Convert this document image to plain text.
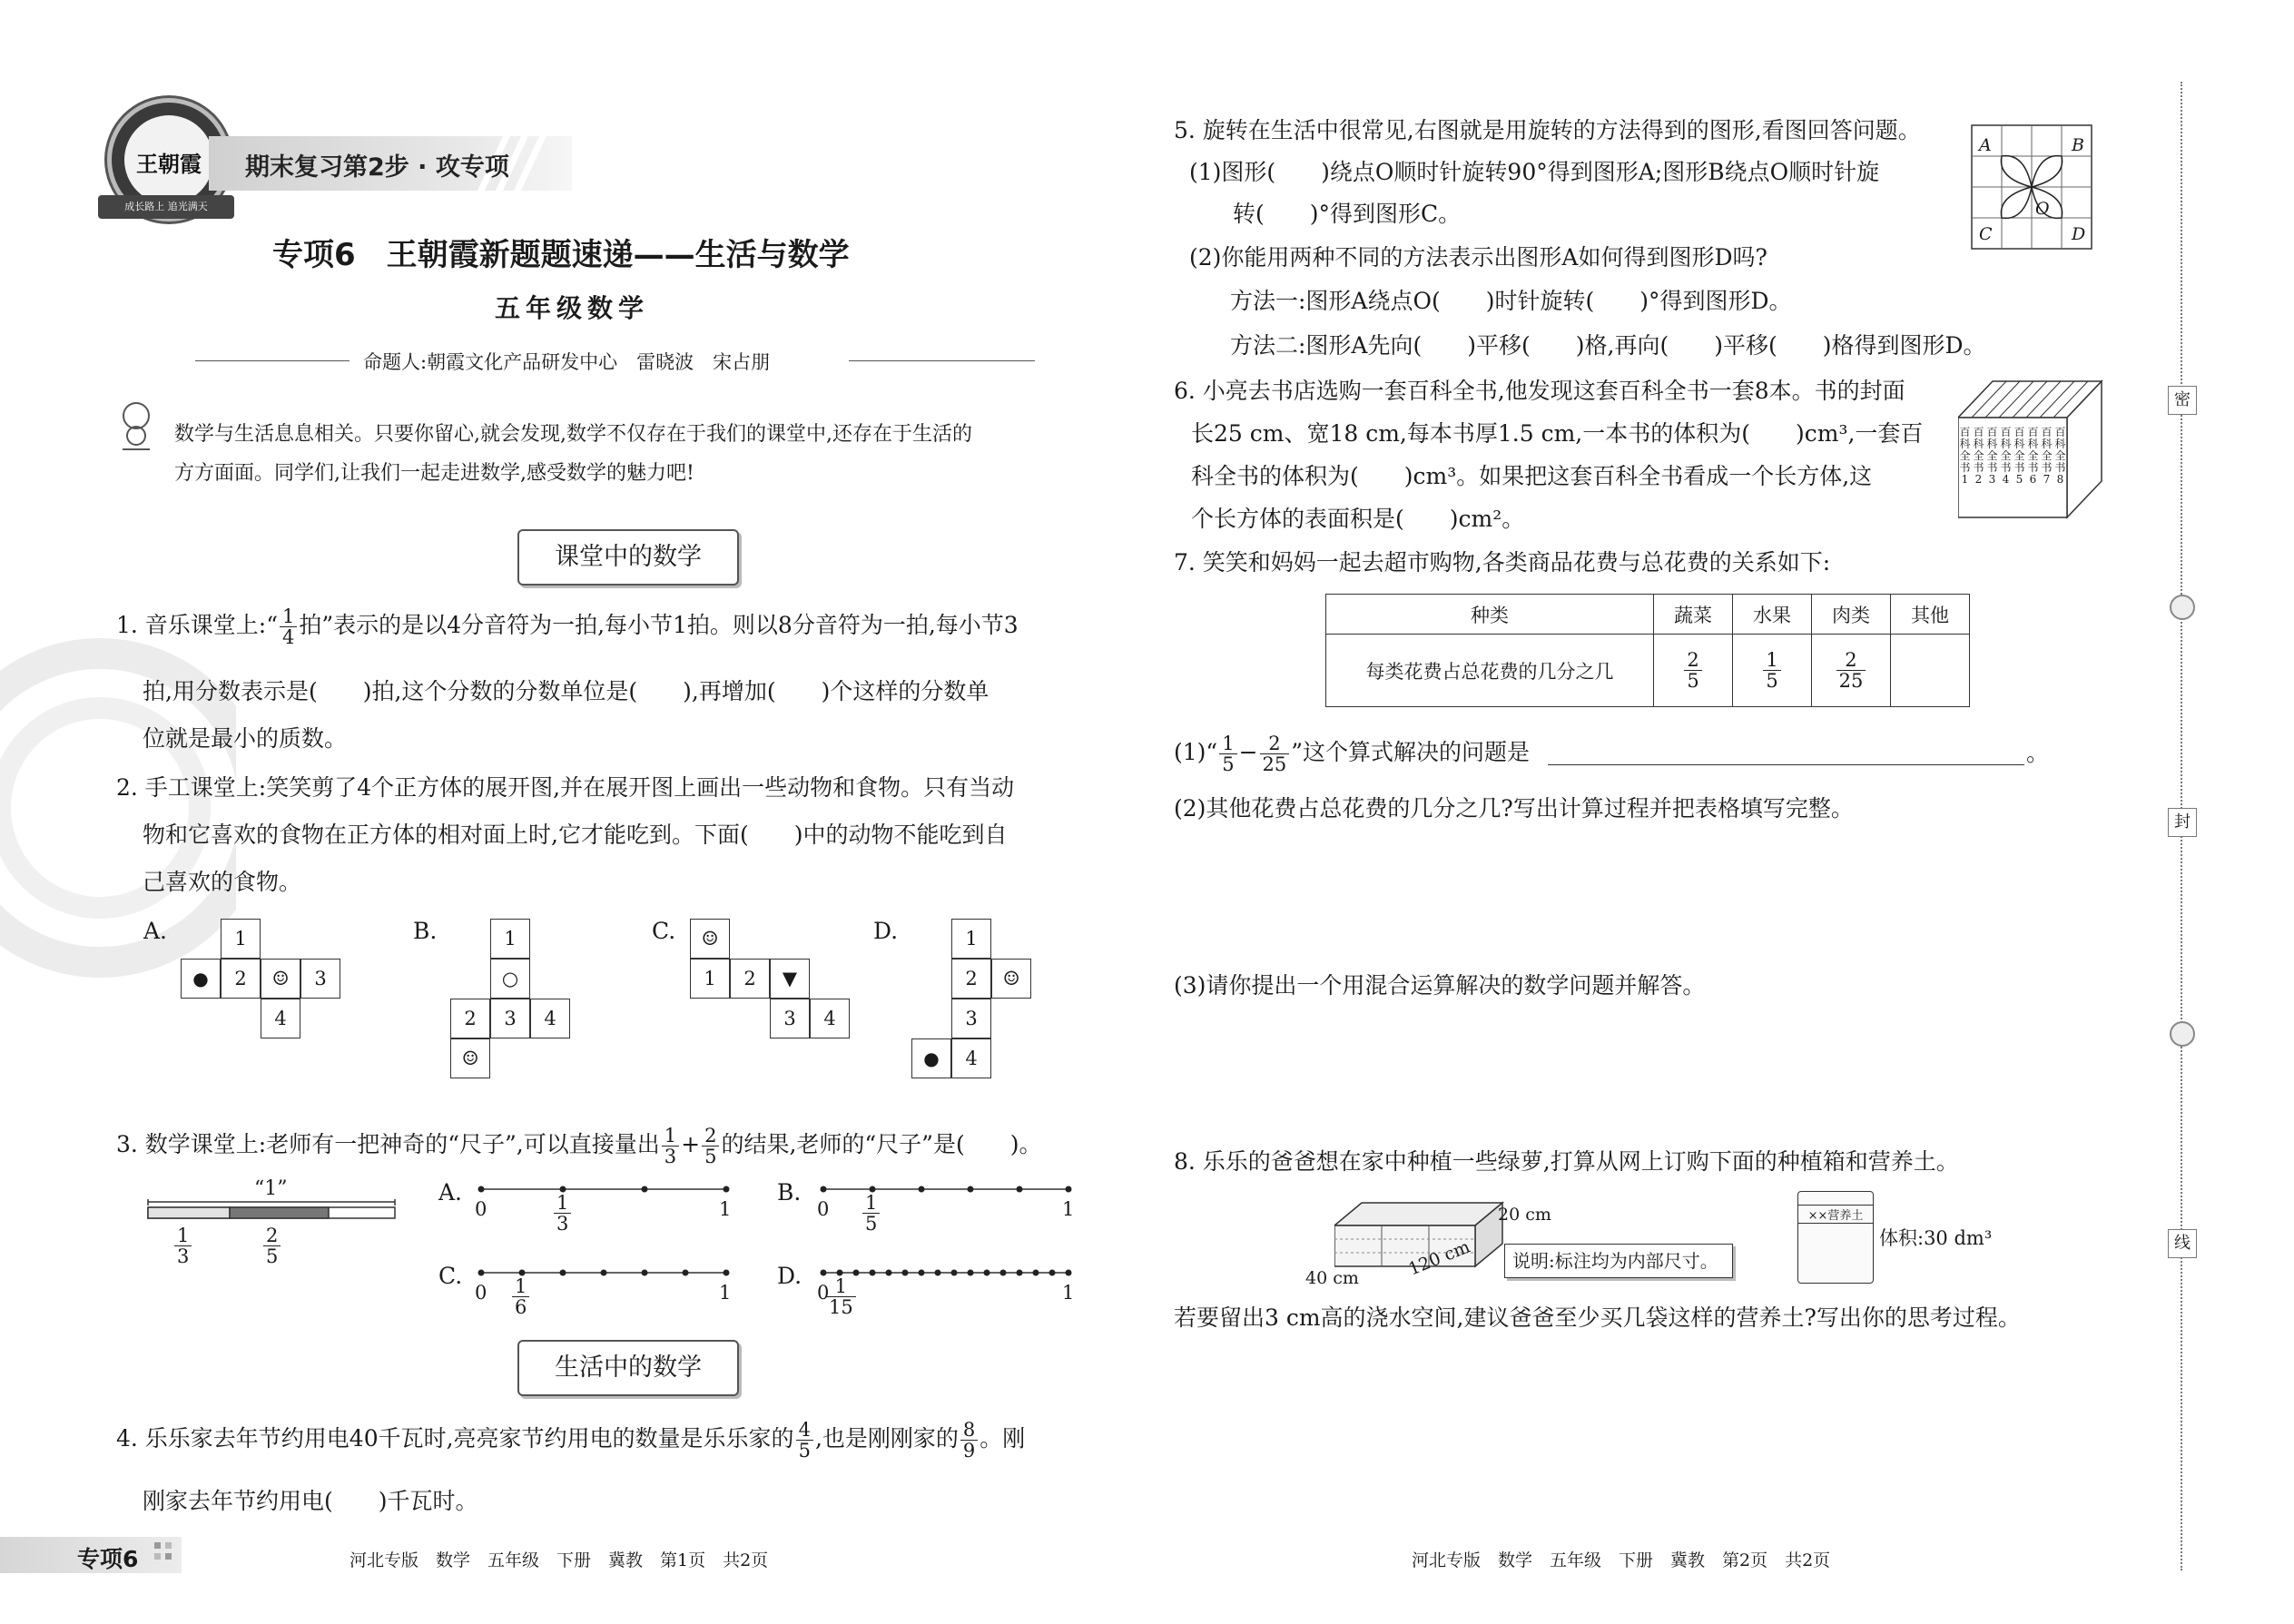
王朝霞
成长路上 追光满天
期末复习第2步 · 攻专项
专项6　王朝霞新题题速递——生活与数学
五年级数学
命题人:朝霞文化产品研发中心　雷晓波　宋占朋
数学与生活息息相关。只要你留心,就会发现,数学不仅存在于我们的课堂中,还存在于生活的
方方面面。同学们,让我们一起走进数学,感受数学的魅力吧!
课堂中的数学
1. 音乐课堂上:“ $\frac{1}{4}$ 拍”表示的是以4分音符为一拍,每小节1拍。则以8分音符为一拍,每小节3
拍,用分数表示是(　　)拍,这个分数的分数单位是(　　),再增加(　　)个这样的分数单
位就是最小的质数。
2. 手工课堂上:笑笑剪了4个正方体的展开图,并在展开图上画出一些动物和食物。只有当动
物和它喜欢的食物在正方体的相对面上时,它才能吃到。下面(　　)中的动物不能吃到自
己喜欢的食物。
A.	1
●	2	☺	3
4
B.	1
○
2	3	4
☺
C.	☺
1	2	▼
3	4
D.	1
2	☺
3
●	4
3. 数学课堂上:老师有一把神奇的“尺子”,可以直接量出 $\frac{1}{3} + \frac{2}{5}$ 的结果,老师的“尺子”是(　　)。
“1”
$\frac{1}{3}$	$\frac{2}{5}$
A.
0	$\frac{1}{3}$	1
B.
$0 \frac{1}{5}$	1
C.
$0 \frac{1}{6}$	1
D.
0
$\frac{1}{15}$	1
生活中的数学
4. 乐乐家去年节约用电40千瓦时,亮亮家节约用电的数量是乐乐家的 $\frac{4}{5}$ ,也是刚刚家的 $\frac{8}{9}$ 。刚
刚家去年节约用电(　　)千瓦时。
专项6	河北专版　数学　五年级　下册　冀教　第1页　共2页
5. 旋转在生活中很常见,右图就是用旋转的方法得到的图形,看图回答问题。
(1)图形(　　)绕点O顺时针旋转90°得到图形A;图形B绕点O顺时针旋
转(　　)°得到图形C。
(2)你能用两种不同的方法表示出图形A如何得到图形D吗?
方法一:图形A绕点O(　　)时针旋转(　　)°得到图形D。
方法二:图形A先向(　　)平移(　　)格,再向(　　)平移(　　)格得到图形D。
A	B
O
C	D
6. 小亮去书店选购一套百科全书,他发现这套百科全书一套8本。书的封面
长25 cm、宽18 cm,每本书厚1.5 cm,一本书的体积为(　　)cm³,一套百
科全书的体积为(　　)cm³。如果把这套百科全书看成一个长方体,这
个长方体的表面积是(　　)cm²。
百科全书
1
百科全书
2
百科全书
3
百科全书
4
百科全书
5
百科全书
6
百科全书
7
百科全书
8
7. 笑笑和妈妈一起去超市购物,各类商品花费与总花费的关系如下:
种类	蔬菜	水果	肉类	其他
每类花费占总花费的几分之几	$\frac{2}{5}$	$\frac{1}{5}$	$\frac{2}{25}$

(1)“ $\frac{1}{5} - \frac{2}{25}$ ”这个算式解决的问题是	。
(2)其他花费占总花费的几分之几?写出计算过程并把表格填写完整。
(3)请你提出一个用混合运算解决的数学问题并解答。
8. 乐乐的爸爸想在家中种植一些绿萝,打算从网上订购下面的种植箱和营养土。
20 cm
120 cm
40 cm
说明:标注均为内部尺寸。
××营养土
体积:30 dm³
若要留出3 cm高的浇水空间,建议爸爸至少买几袋这样的营养土?写出你的思考过程。
河北专版　数学　五年级　下册　冀教　第2页　共2页
密
封
线
